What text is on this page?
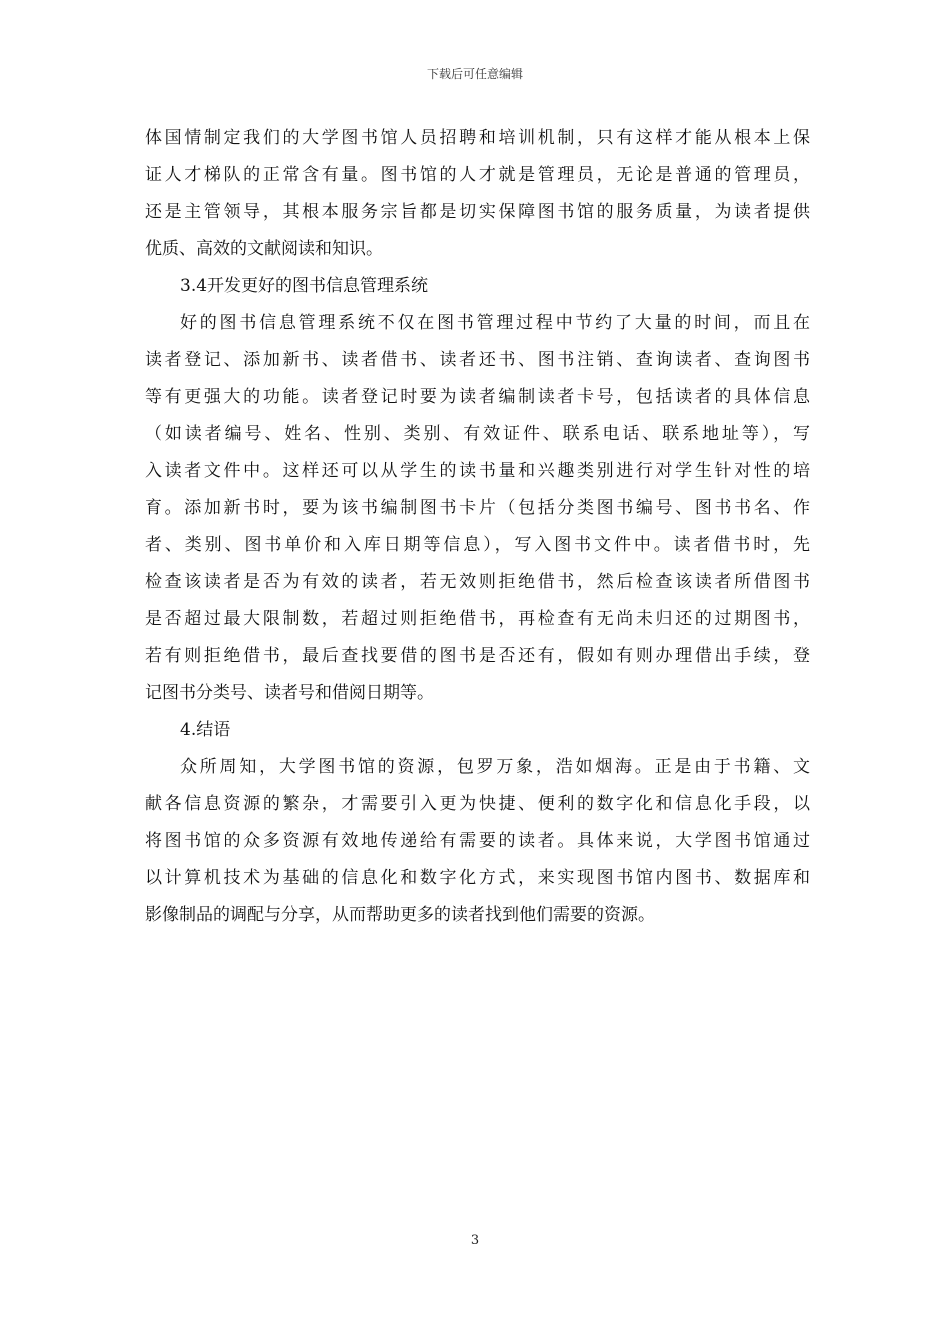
下载后可任意编辑
体国情制定我们的大学图书馆人员招聘和培训机制，只有这样才能从根本上保
证人才梯队的正常含有量。图书馆的人才就是管理员，无论是普通的管理员，
还是主管领导，其根本服务宗旨都是切实保障图书馆的服务质量，为读者提供
优质、高效的文献阅读和知识。
3.4开发更好的图书信息管理系统
好的图书信息管理系统不仅在图书管理过程中节约了大量的时间，而且在
读者登记、添加新书、读者借书、读者还书、图书注销、查询读者、查询图书
等有更强大的功能。读者登记时要为读者编制读者卡号，包括读者的具体信息
（如读者编号、姓名、性别、类别、有效证件、联系电话、联系地址等），写
入读者文件中。这样还可以从学生的读书量和兴趣类别进行对学生针对性的培
育。添加新书时，要为该书编制图书卡片（包括分类图书编号、图书书名、作
者、类别、图书单价和入库日期等信息），写入图书文件中。读者借书时，先
检查该读者是否为有效的读者，若无效则拒绝借书，然后检查该读者所借图书
是否超过最大限制数，若超过则拒绝借书，再检查有无尚未归还的过期图书，
若有则拒绝借书，最后查找要借的图书是否还有，假如有则办理借出手续，登
记图书分类号、读者号和借阅日期等。
4.结语
众所周知，大学图书馆的资源，包罗万象，浩如烟海。正是由于书籍、文
献各信息资源的繁杂，才需要引入更为快捷、便利的数字化和信息化手段，以
将图书馆的众多资源有效地传递给有需要的读者。具体来说，大学图书馆通过
以计算机技术为基础的信息化和数字化方式，来实现图书馆内图书、数据库和
影像制品的调配与分享，从而帮助更多的读者找到他们需要的资源。
3
